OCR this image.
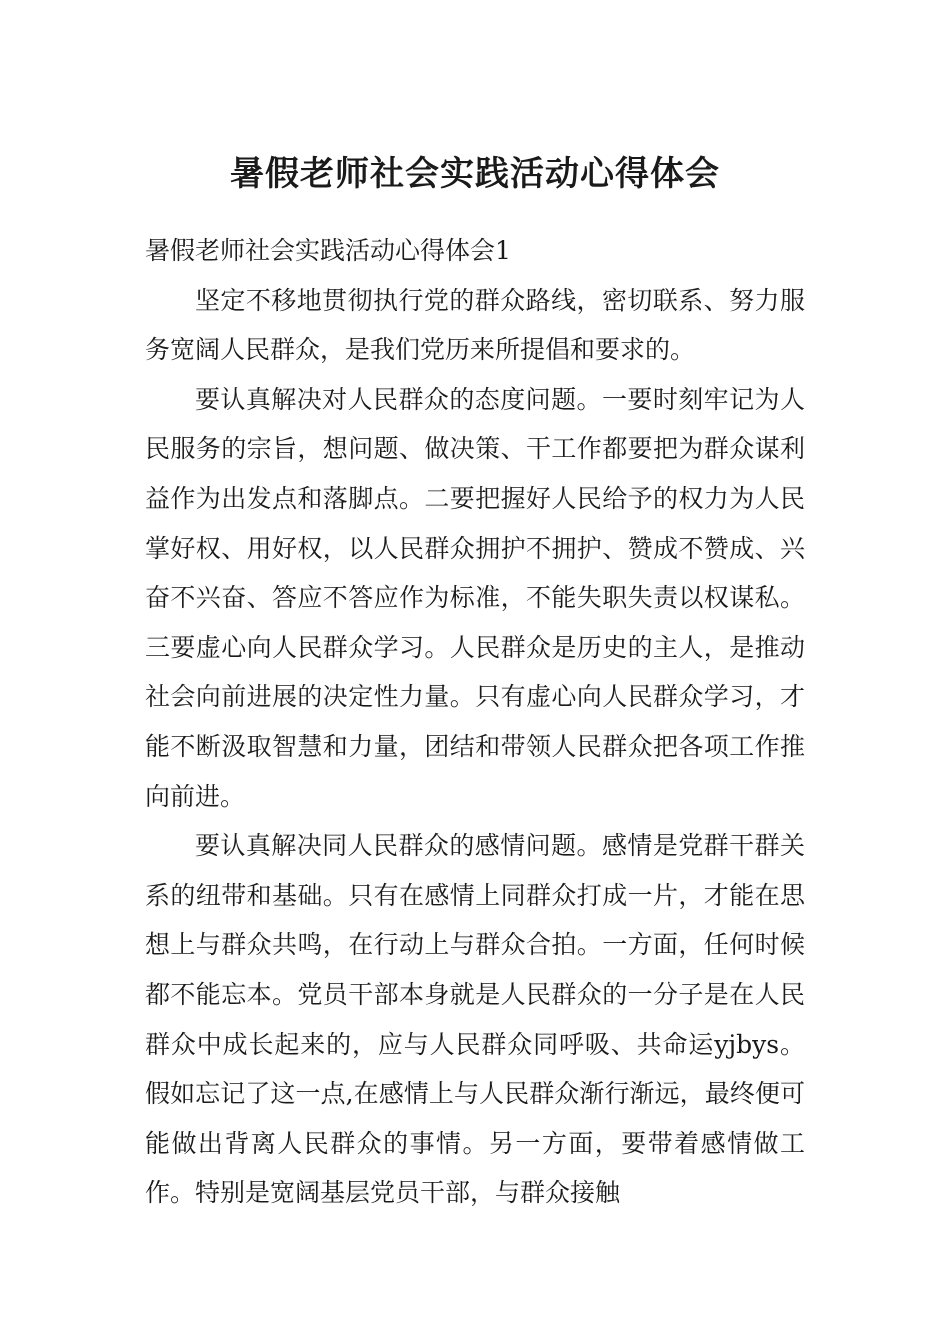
暑假老师社会实践活动心得体会

暑假老师社会实践活动心得体会1

坚定不移地贯彻执行党的群众路线，密切联系、努力服务宽阔人民群众，是我们党历来所提倡和要求的。

要认真解决对人民群众的态度问题。一要时刻牢记为人民服务的宗旨，想问题、做决策、干工作都要把为群众谋利益作为出发点和落脚点。二要把握好人民给予的权力为人民掌好权、用好权，以人民群众拥护不拥护、赞成不赞成、兴奋不兴奋、答应不答应作为标准，不能失职失责以权谋私。三要虚心向人民群众学习。人民群众是历史的主人，是推动社会向前进展的决定性力量。只有虚心向人民群众学习，才能不断汲取智慧和力量，团结和带领人民群众把各项工作推向前进。

要认真解决同人民群众的感情问题。感情是党群干群关系的纽带和基础。只有在感情上同群众打成一片，才能在思想上与群众共鸣，在行动上与群众合拍。一方面，任何时候都不能忘本。党员干部本身就是人民群众的一分子是在人民群众中成长起来的，应与人民群众同呼吸、共命运yjbys。假如忘记了这一点,在感情上与人民群众渐行渐远，最终便可能做出背离人民群众的事情。另一方面，要带着感情做工作。特别是宽阔基层党员干部，与群众接触
